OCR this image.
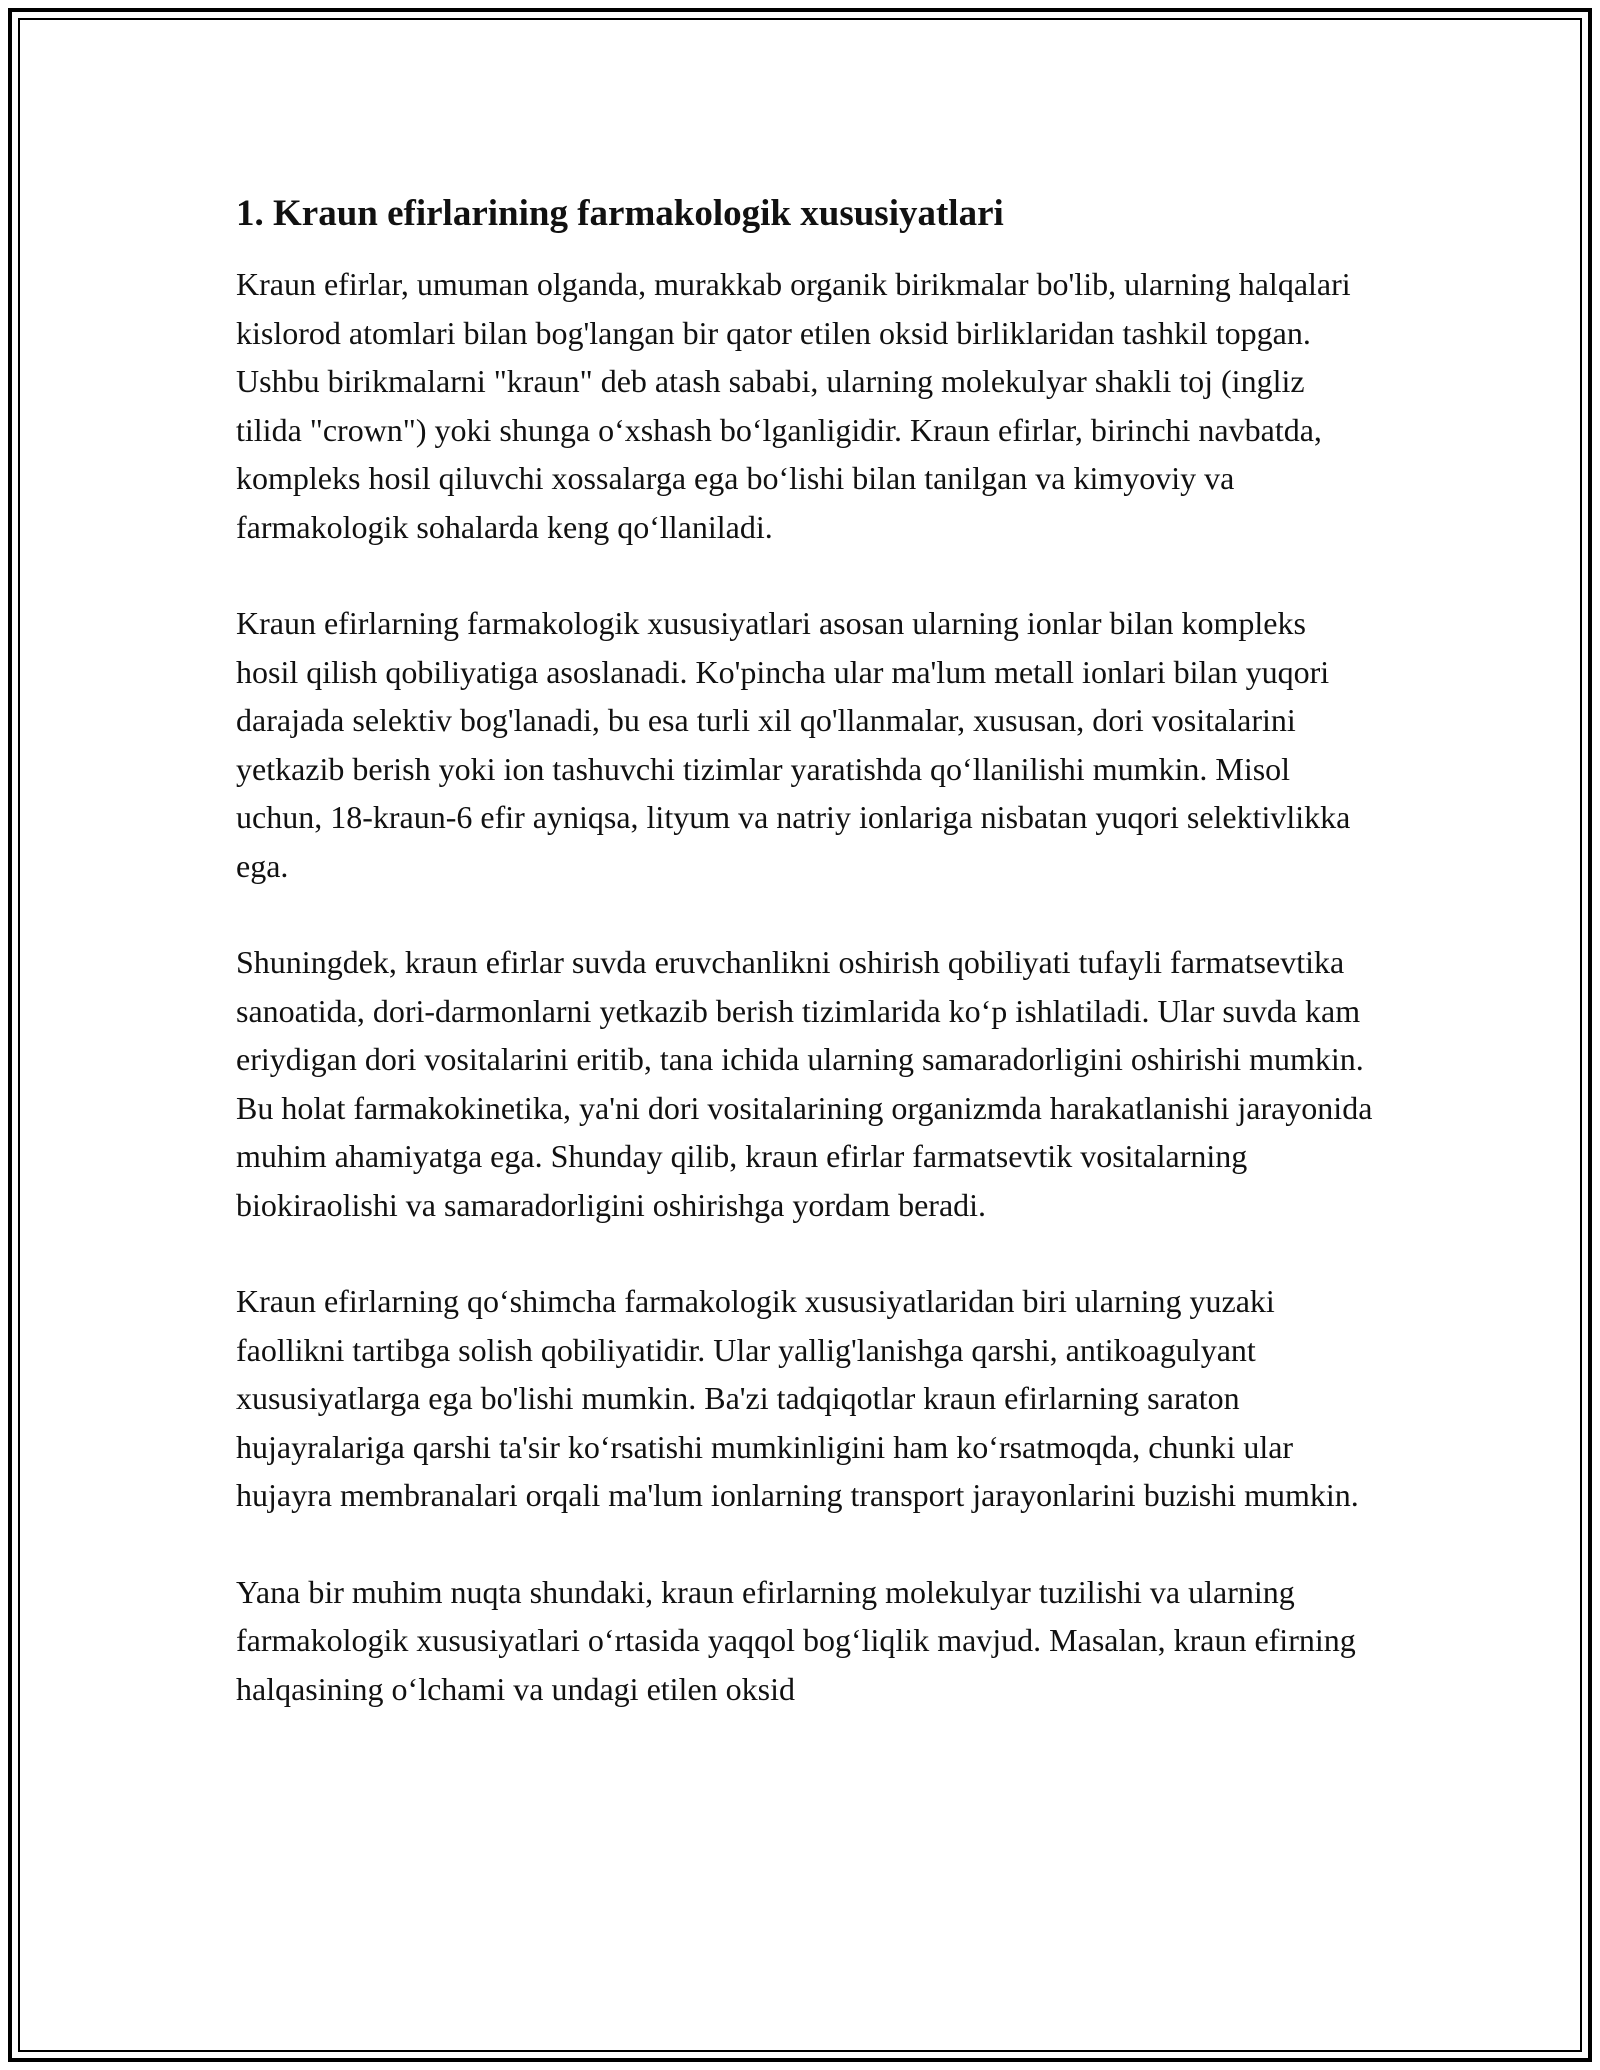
1. Kraun efirlarining farmakologik xususiyatlari

Kraun efirlar, umuman olganda, murakkab organik birikmalar bo'lib, ularning halqalari kislorod atomlari bilan bog'langan bir qator etilen oksid birliklaridan tashkil topgan. Ushbu birikmalarni "kraun" deb atash sababi, ularning molekulyar shakli toj (ingliz tilida "crown") yoki shunga o‘xshash bo‘lganligidir. Kraun efirlar, birinchi navbatda, kompleks hosil qiluvchi xossalarga ega bo‘lishi bilan tanilgan va kimyoviy va farmakologik sohalarda keng qo‘llaniladi.

Kraun efirlarning farmakologik xususiyatlari asosan ularning ionlar bilan kompleks hosil qilish qobiliyatiga asoslanadi. Ko'pincha ular ma'lum metall ionlari bilan yuqori darajada selektiv bog'lanadi, bu esa turli xil qo'llanmalar, xususan, dori vositalarini yetkazib berish yoki ion tashuvchi tizimlar yaratishda qo‘llanilishi mumkin. Misol uchun, 18-kraun-6 efir ayniqsa, lityum va natriy ionlariga nisbatan yuqori selektivlikka ega.

Shuningdek, kraun efirlar suvda eruvchanlikni oshirish qobiliyati tufayli farmatsevtika sanoatida, dori-darmonlarni yetkazib berish tizimlarida ko‘p ishlatiladi. Ular suvda kam eriydigan dori vositalarini eritib, tana ichida ularning samaradorligini oshirishi mumkin. Bu holat farmakokinetika, ya'ni dori vositalarining organizmda harakatlanishi jarayonida muhim ahamiyatga ega. Shunday qilib, kraun efirlar farmatsevtik vositalarning biokiraolishi va samaradorligini oshirishga yordam beradi.

Kraun efirlarning qo‘shimcha farmakologik xususiyatlaridan biri ularning yuzaki faollikni tartibga solish qobiliyatidir. Ular yallig'lanishga qarshi, antikoagulyant xususiyatlarga ega bo'lishi mumkin. Ba'zi tadqiqotlar kraun efirlarning saraton hujayralariga qarshi ta'sir ko‘rsatishi mumkinligini ham ko‘rsatmoqda, chunki ular hujayra membranalari orqali ma'lum ionlarning transport jarayonlarini buzishi mumkin.

Yana bir muhim nuqta shundaki, kraun efirlarning molekulyar tuzilishi va ularning farmakologik xususiyatlari o‘rtasida yaqqol bog‘liqlik mavjud. Masalan, kraun efirning halqasining o‘lchami va undagi etilen oksid
